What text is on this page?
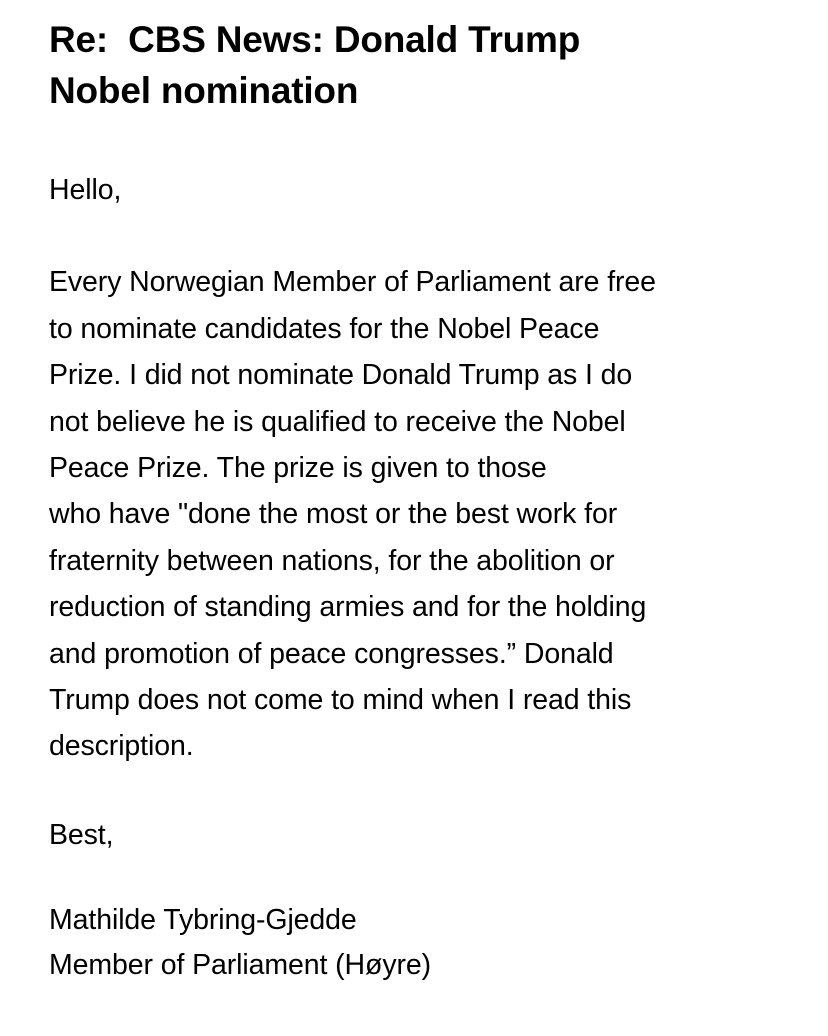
Re:  CBS News: Donald Trump
Nobel nomination
Hello,
Every Norwegian Member of Parliament are free
to nominate candidates for the Nobel Peace
Prize. I did not nominate Donald Trump as I do
not believe he is qualified to receive the Nobel
Peace Prize. The prize is given to those
who have "done the most or the best work for
fraternity between nations, for the abolition or
reduction of standing armies and for the holding
and promotion of peace congresses.” Donald
Trump does not come to mind when I read this
description.
Best,
Mathilde Tybring-Gjedde
Member of Parliament (Høyre)
